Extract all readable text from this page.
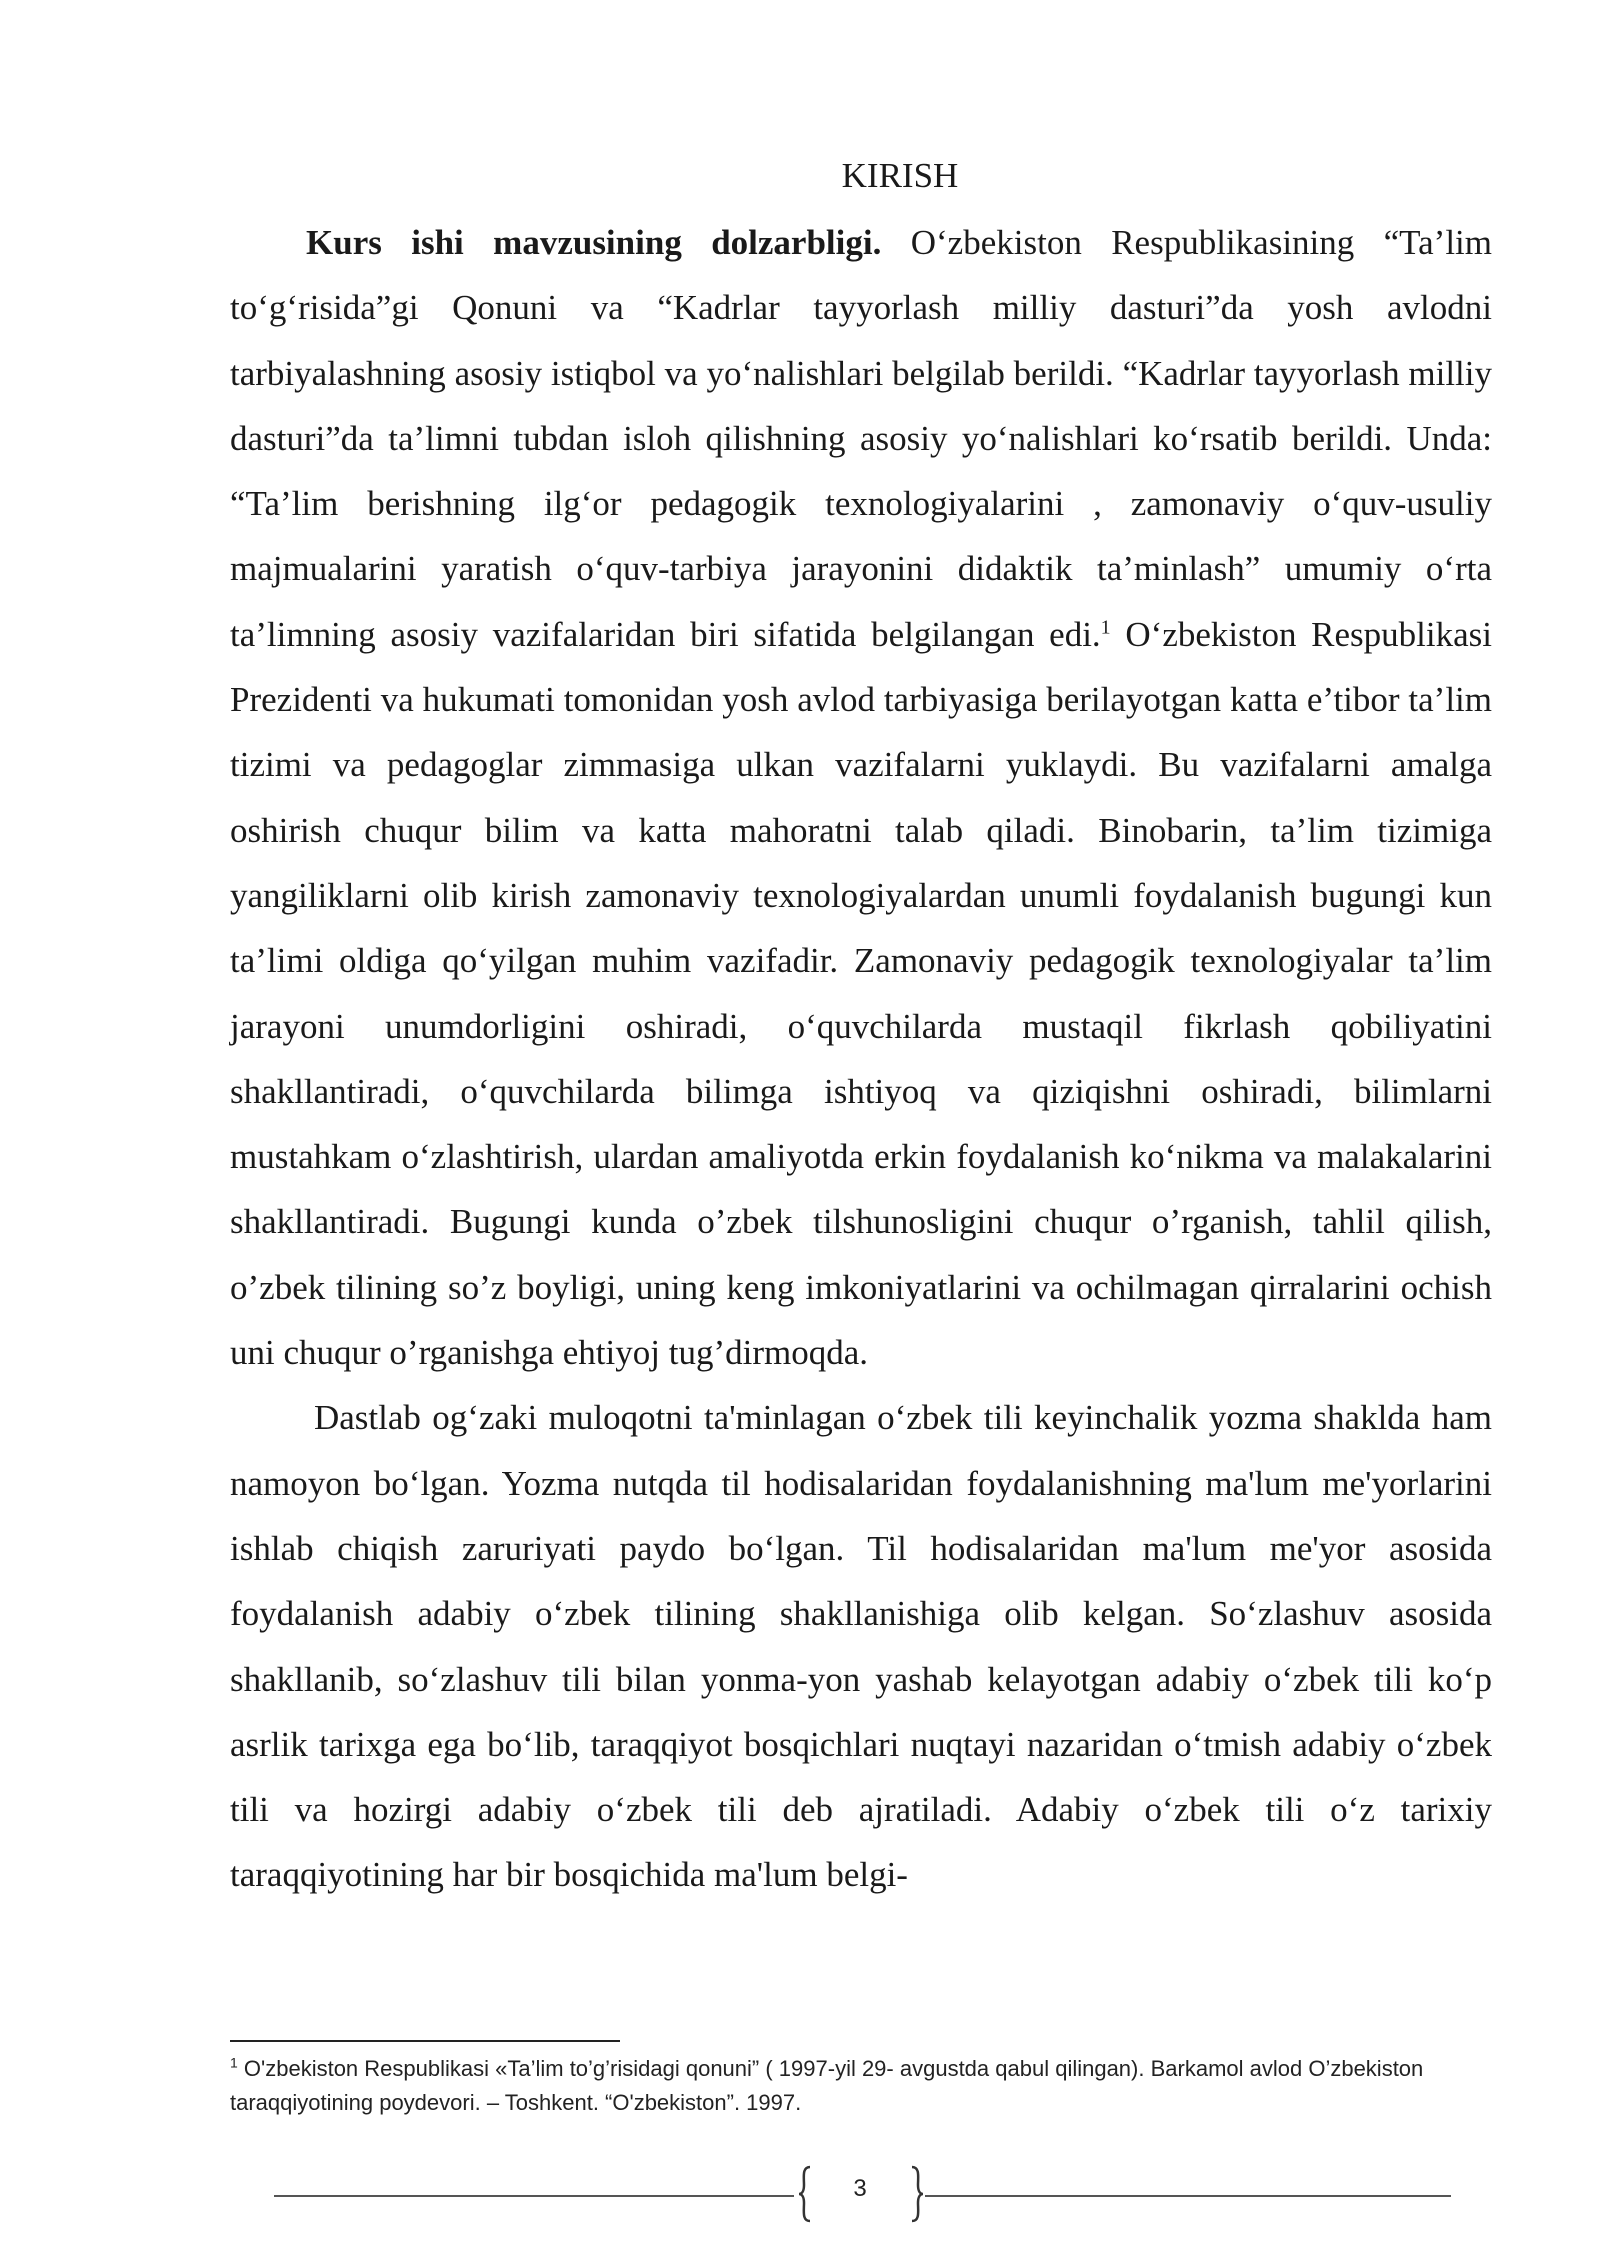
KIRISH

Kurs ishi mavzusining dolzarbligi. O‘zbekiston Respublikasining “Ta’lim to‘g‘risida”gi Qonuni va “Kadrlar tayyorlash milliy dasturi”da yosh avlodni tarbiyalashning asosiy istiqbol va yo‘nalishlari belgilab berildi. “Kadrlar tayyorlash milliy dasturi”da ta’limni tubdan isloh qilishning asosiy yo‘nalishlari ko‘rsatib berildi. Unda: “Ta’lim berishning ilg‘or pedagogik texnologiyalarini , zamonaviy o‘quv-usuliy majmualarini yaratish o‘quv-tarbiya jarayonini didaktik ta’minlash” umumiy o‘rta ta’limning asosiy vazifalaridan biri sifatida belgilangan edi.$^1$ O‘zbekiston Respublikasi Prezidenti va hukumati tomonidan yosh avlod tarbiyasiga berilayotgan katta e’tibor ta’lim tizimi va pedagoglar zimmasiga ulkan vazifalarni yuklaydi. Bu vazifalarni amalga oshirish chuqur bilim va katta mahoratni talab qiladi. Binobarin, ta’lim tizimiga yangiliklarni olib kirish zamonaviy texnologiyalardan unumli foydalanish bugungi kun ta’limi oldiga qo‘yilgan muhim vazifadir. Zamonaviy pedagogik texnologiyalar ta’lim jarayoni unumdorligini oshiradi, o‘quvchilarda mustaqil fikrlash qobiliyatini shakllantiradi, o‘quvchilarda bilimga ishtiyoq va qiziqishni oshiradi, bilimlarni mustahkam o‘zlashtirish, ulardan amaliyotda erkin foydalanish ko‘nikma va malakalarini shakllantiradi. Bugungi kunda o’zbek tilshunosligini chuqur o’rganish, tahlil qilish, o’zbek tilining so’z boyligi, uning keng imkoniyatlarini va ochilmagan qirralarini ochish uni chuqur o’rganishga ehtiyoj tug’dirmoqda.

Dastlab og‘zaki muloqotni ta'minlagan o‘zbek tili keyinchalik yozma shaklda ham namoyon bo‘lgan. Yozma nutqda til hodisalaridan foydalanishning ma'lum me'yorlarini ishlab chiqish zaruriyati paydo bo‘lgan. Til hodisalaridan ma'lum me'yor asosida foydalanish adabiy o‘zbek tilining shakllanishiga olib kelgan. So‘zlashuv asosida shakllanib, so‘zlashuv tili bilan yonma-yon yashab kelayotgan adabiy o‘zbek tili ko‘p asrlik tarixga ega bo‘lib, taraqqiyot bosqichlari nuqtayi nazaridan o‘tmish adabiy o‘zbek tili va hozirgi adabiy o‘zbek tili deb ajratiladi. Adabiy o‘zbek tili o‘z tarixiy taraqqiyotining har bir bosqichida ma'lum belgi-

$^1$ O'zbekiston Respublikasi «Ta’lim to’g’risidagi qonuni” ( 1997-yil 29- avgustda qabul qilingan). Barkamol avlod O’zbekiston taraqqiyotining poydevori. – Toshkent. “O'zbekiston”. 1997.
3
